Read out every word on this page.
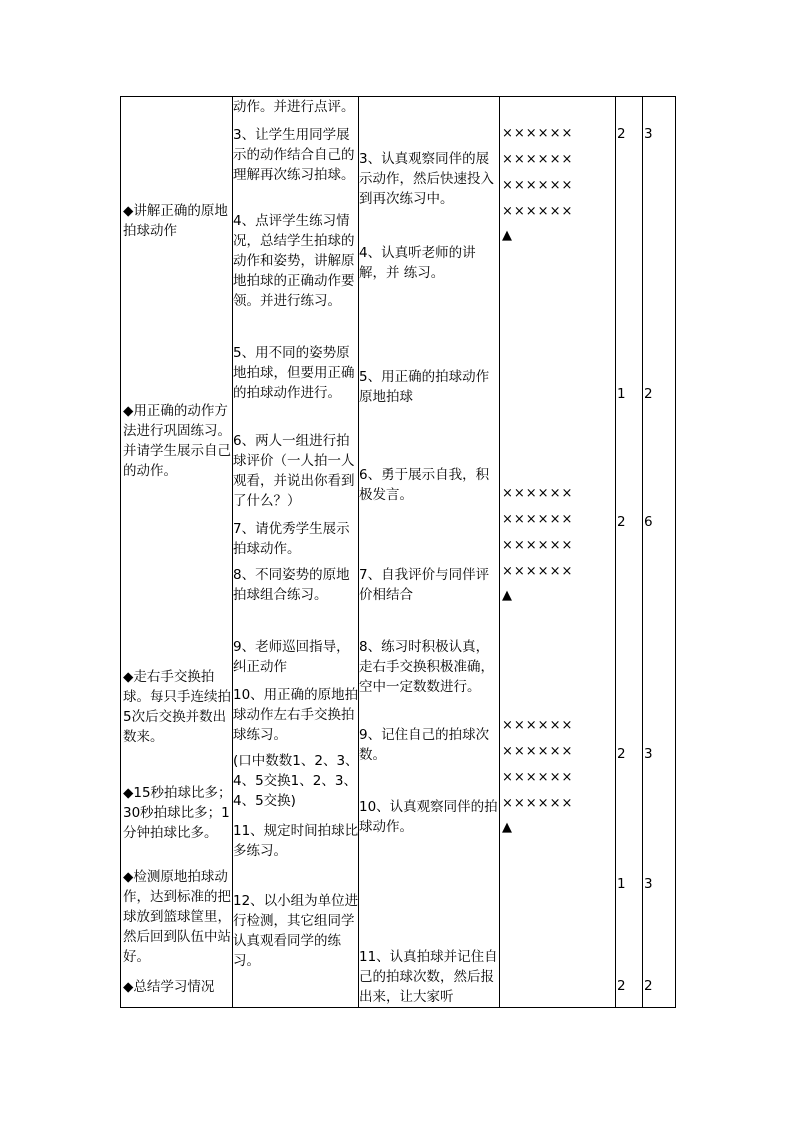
◆讲解正确的原地拍球动作
◆用正确的动作方法进行巩固练习。并请学生展示自己的动作。
◆走右手交换拍球。每只手连续拍5次后交换并数出数来。
◆15秒拍球比多；30秒拍球比多；1分钟拍球比多。
◆检测原地拍球动作，达到标准的把球放到篮球筐里，然后回到队伍中站好。
◆总结学习情况
动作。并进行点评。
3、让学生用同学展示的动作结合自己的理解再次练习拍球。
4、点评学生练习情况，总结学生拍球的动作和姿势，讲解原地拍球的正确动作要领。并进行练习。
5、用不同的姿势原地拍球，但要用正确的拍球动作进行。
6、两人一组进行拍球评价（一人拍一人观看，并说出你看到了什么？）
7、请优秀学生展示拍球动作。
8、不同姿势的原地拍球组合练习。
9、老师巡回指导，纠正动作
10、用正确的原地拍球动作左右手交换拍球练习。
(口中数数1、2、3、4、5交换1、2、3、4、5交换)
11、规定时间拍球比多练习。
12、以小组为单位进行检测，其它组同学认真观看同学的练习。
3、认真观察同伴的展示动作，然后快速投入到再次练习中。
4、认真听老师的讲解，并 练习。
5、用正确的拍球动作原地拍球
6、勇于展示自我，积极发言。
7、自我评价与同伴评价相结合
8、练习时积极认真，走右手交换积极准确，空中一定数数进行。
9、记住自己的拍球次数。
10、认真观察同伴的拍球动作。
11、认真拍球并记住自己的拍球次数，然后报出来，让大家听
××××××
××××××
××××××
××××××
▲
××××××
××××××
××××××
××××××
▲
××××××
××××××
××××××
××××××
▲
2
1
2
2
1
2
3
2
6
3
3
2
